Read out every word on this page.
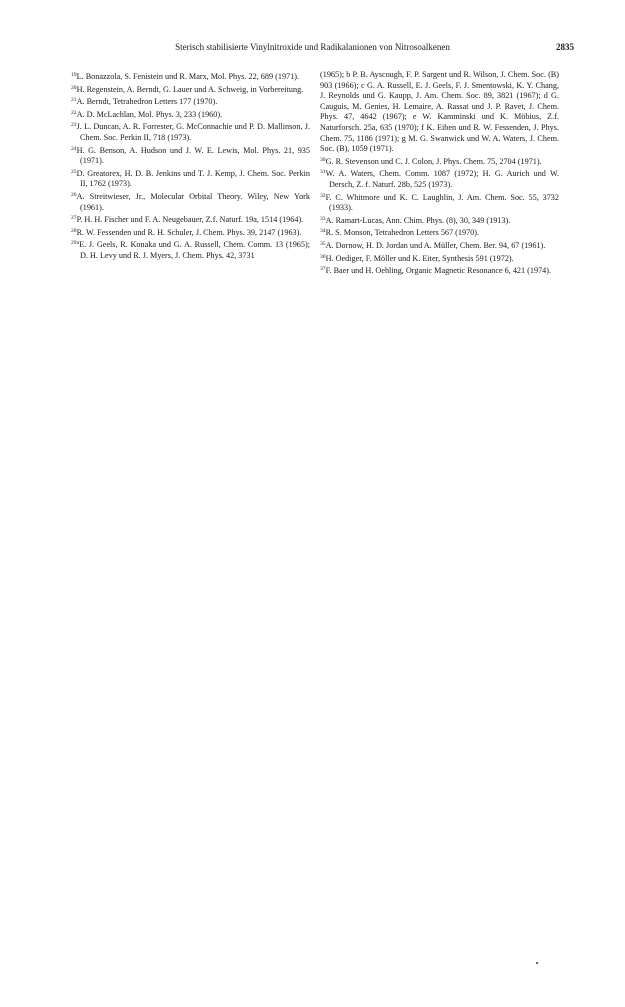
Sterisch stabilisierte Vinylnitroxide und Radikalanionen von Nitrosoalkenen	2835
$^{19}$L. Bonazzola, S. Fenistein und R. Marx, Mol. Phys. 22, 689 (1971).
$^{20}$H. Regenstein, A. Berndt, G. Lauer und A. Schweig, in Vorbereitung.
$^{21}$A. Berndt, Tetrahedron Letters 177 (1970).
$^{22}$A. D. McLachlan, Mol. Phys. 3, 233 (1960).
$^{23}$J. L. Duncan, A. R. Forrester, G. McConnachie und P. D. Mallinson, J. Chem. Soc. Perkin II, 718 (1973).
$^{24}$H. G. Benson, A. Hudson und J. W. E. Lewis, Mol. Phys. 21, 935 (1971).
$^{25}$D. Greatorex, H. D. B. Jenkins und T. J. Kemp, J. Chem. Soc. Perkin II, 1762 (1973).
$^{26}$A. Streitwieser, Jr., Molecular Orbital Theory. Wiley, New York (1961).
$^{27}$P. H. H. Fischer und F. A. Neugebauer, Z.f. Naturf. 19a, 1514 (1964).
$^{28}$R. W. Fessenden und R. H. Schuler, J. Chem. Phys. 39, 2147 (1963).
$^{29a}$E. J. Geels, R. Konaka und G. A. Russell, Chem. Comm. 13 (1965); D. H. Levy und R. J. Myers, J. Chem. Phys. 42, 3731
(1965); b P. B. Ayscough, F. P. Sargent und R. Wilson, J. Chem. Soc. (B) 903 (1966); c G. A. Russell, E. J. Geels, F. J. Smentowski, K. Y. Chang, J. Reynolds und G. Kaupp, J. Am. Chem. Soc. 89, 3821 (1967); d G. Cauguis, M. Genies, H. Lemaire, A. Rassat und J. P. Ravet, J. Chem. Phys. 47, 4642 (1967); e W. Kamminski und K. Möbius, Z.f. Naturforsch. 25a, 635 (1970); f K. Eiben und R. W. Fessenden, J. Phys. Chem. 75, 1186 (1971); g M. G. Swanwick und W. A. Waters, J. Chem. Soc. (B), 1059 (1971).
$^{30}$G. R. Stevenson und C. J. Colon, J. Phys. Chem. 75, 2704 (1971).
$^{31}$W. A. Waters, Chem. Comm. 1087 (1972); H. G. Aurich und W. Dersch, Z. f. Naturf. 28b, 525 (1973).
$^{32}$F. C. Whitmore und K. C. Laughlin, J. Am. Chem. Soc. 55, 3732 (1933).
$^{33}$A. Ramart-Lucas, Ann. Chim. Phys. (8), 30, 349 (1913).
$^{34}$R. S. Monson, Tetrahedron Letters 567 (1970).
$^{35}$A. Dornow, H. D. Jordan und A. Müller, Chem. Ber. 94, 67 (1961).
$^{36}$H. Oediger, F. Möller und K. Eiter, Synthesis 591 (1972).
$^{37}$F. Baer und H. Oehling, Organic Magnetic Resonance 6, 421 (1974).
